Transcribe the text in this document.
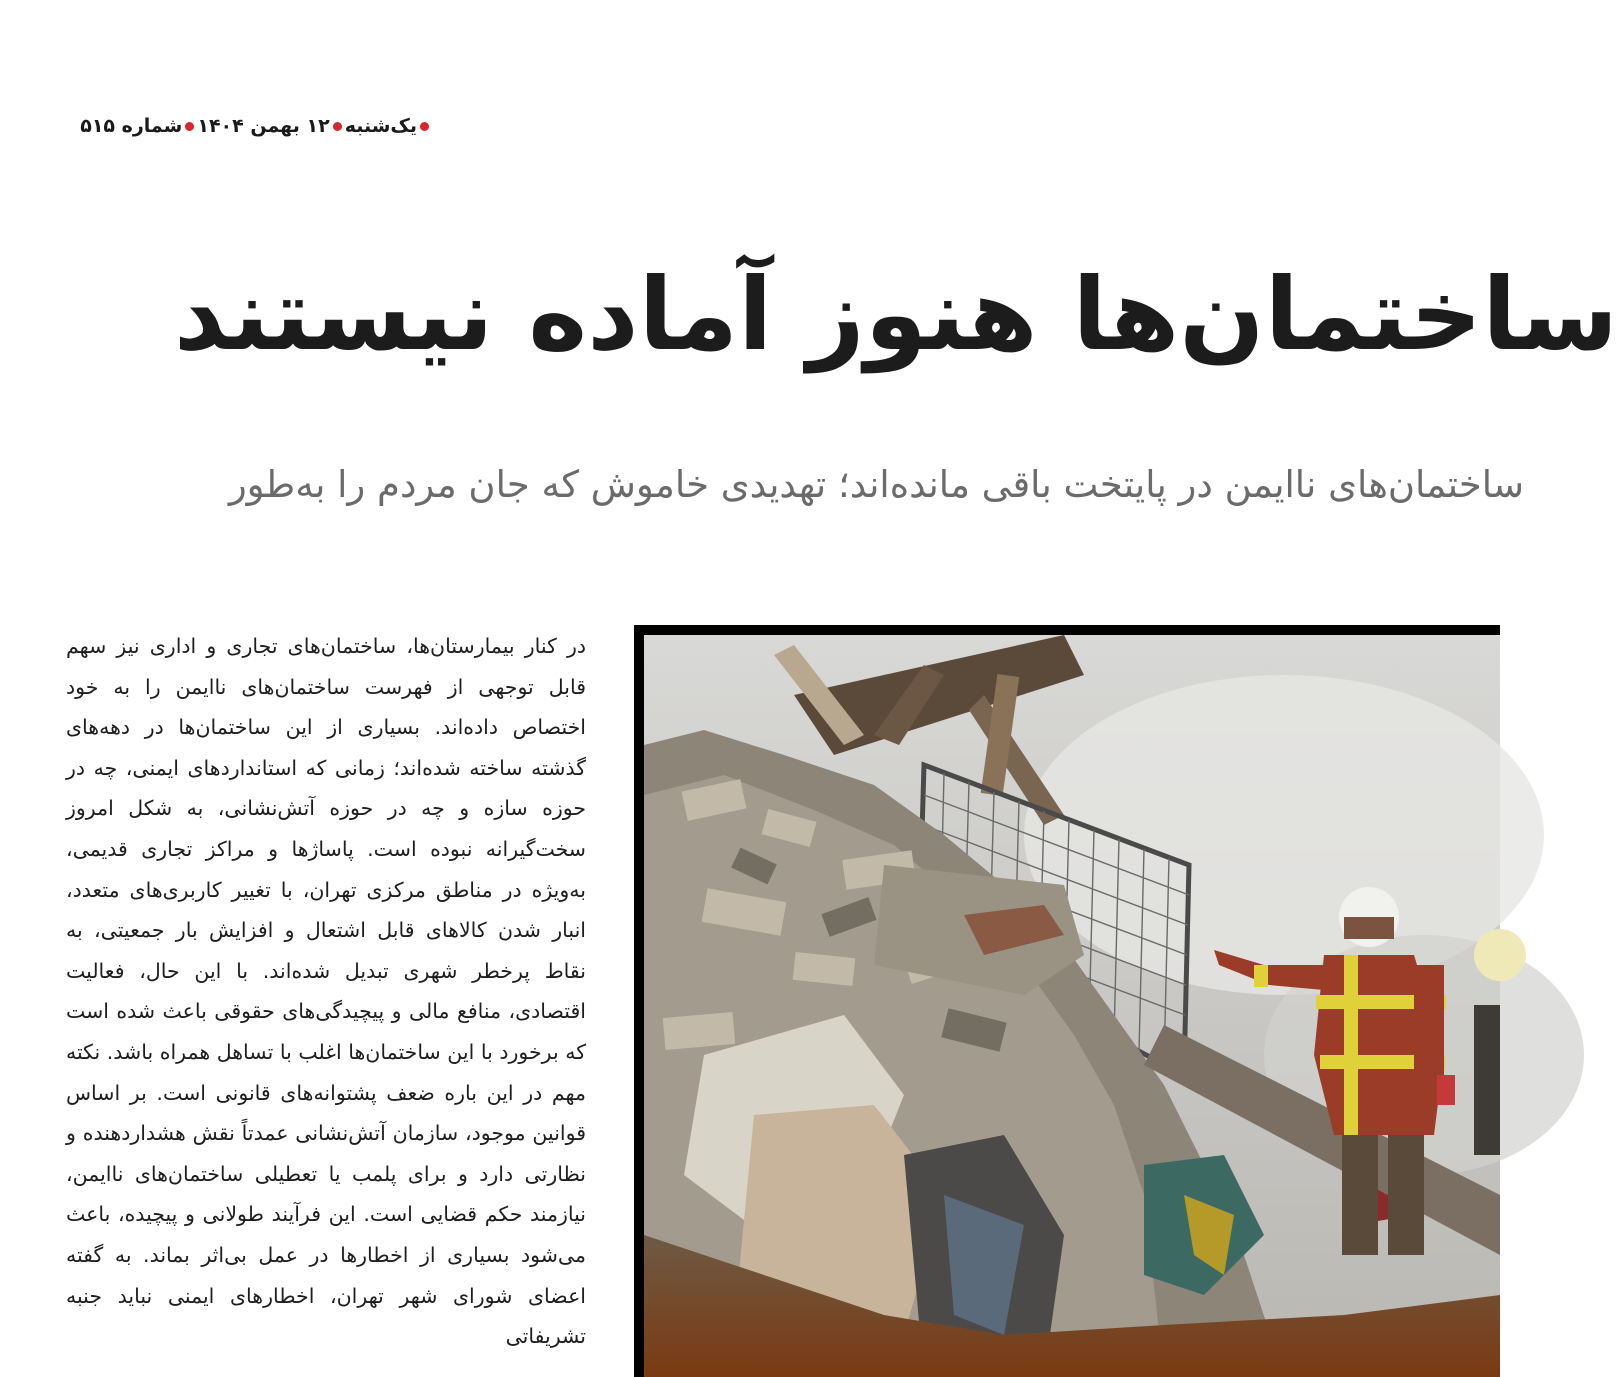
یک‌شنبه۱۲ بهمن ۱۴۰۴شماره ۵۱۵
ساختمان‌ها هنوز آماده نیستند
ساختمان‌های ناایمن در پایتخت باقی مانده‌اند؛ تهدیدی خاموش که جان مردم را به‌طور
در کنار بیمارستان‌ها، ساختمان‌های تجاری و اداری نیز سهم قابل توجهی از فهرست ساختمان‌های ناایمن را به خود اختصاص داده‌اند. بسیاری از این ساختمان‌ها در دهه‌های گذشته ساخته شده‌اند؛ زمانی که استانداردهای ایمنی، چه در حوزه سازه و چه در حوزه آتش‌نشانی، به شکل امروز سخت‌گیرانه نبوده است. پاساژها و مراکز تجاری قدیمی، به‌ویژه در مناطق مرکزی تهران، با تغییر کاربری‌های متعدد، انبار شدن کالاهای قابل اشتعال و افزایش بار جمعیتی، به نقاط پرخطر شهری تبدیل شده‌اند. با این حال، فعالیت اقتصادی، منافع مالی و پیچیدگی‌های حقوقی باعث شده است که برخورد با این ساختمان‌ها اغلب با تساهل همراه باشد. نکته مهم در این باره ضعف پشتوانه‌های قانونی است. بر اساس قوانین موجود، سازمان آتش‌نشانی عمدتاً نقش هشداردهنده و نظارتی دارد و برای پلمب یا تعطیلی ساختمان‌های ناایمن، نیازمند حکم قضایی است. این فرآیند طولانی و پیچیده، باعث می‌شود بسیاری از اخطارها در عمل بی‌اثر بماند. به گفته اعضای شورای شهر تهران، اخطارهای ایمنی نباید جنبه تشریفاتی
